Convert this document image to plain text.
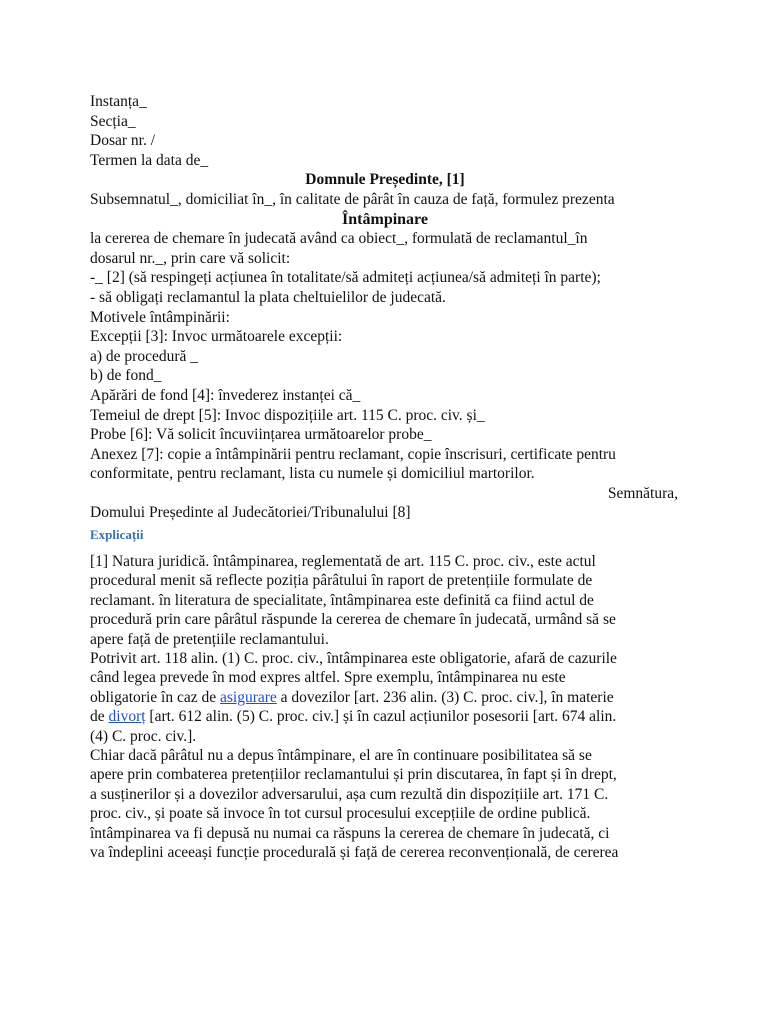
Instanța_

Secția_

Dosar nr. /

Termen la data de_

Domnule Președinte, [1]

Subsemnatul_, domiciliat în_, în calitate de pârât în cauza de față, formulez prezenta

Întâmpinare

la cererea de chemare în judecată având ca obiect_, formulată de reclamantul_în

dosarul nr._, prin care vă solicit:

-_ [2] (să respingeți acțiunea în totalitate/să admiteți acțiunea/să admiteți în parte);

- să obligați reclamantul la plata cheltuielilor de judecată.

Motivele întâmpinării:

Excepții [3]: Invoc următoarele excepții:

a) de procedură _

b) de fond_

Apărări de fond [4]: învederez instanței că_

Temeiul de drept [5]: Invoc dispozițiile art. 115 C. proc. civ. și_

Probe [6]: Vă solicit încuviințarea următoarelor probe_

Anexez [7]: copie a întâmpinării pentru reclamant, copie înscrisuri, certificate pentru

conformitate, pentru reclamant, lista cu numele și domiciliul martorilor.

Semnătura,

Domului Președinte al Judecătoriei/Tribunalului [8]

Explicații

[1] Natura juridică. întâmpinarea, reglementată de art. 115 C. proc. civ., este actul

procedural menit să reflecte poziția pârâtului în raport de pretențiile formulate de

reclamant. în literatura de specialitate, întâmpinarea este definită ca fiind actul de

procedură prin care pârâtul răspunde la cererea de chemare în judecată, urmând să se

apere față de pretențiile reclamantului.

Potrivit art. 118 alin. (1) C. proc. civ., întâmpinarea este obligatorie, afară de cazurile

când legea prevede în mod expres altfel. Spre exemplu, întâmpinarea nu este

obligatorie în caz de asigurare a dovezilor [art. 236 alin. (3) C. proc. civ.], în materie

de divorț [art. 612 alin. (5) C. proc. civ.] și în cazul acțiunilor posesorii [art. 674 alin.

(4) C. proc. civ.].

Chiar dacă pârâtul nu a depus întâmpinare, el are în continuare posibilitatea să se

apere prin combaterea pretențiilor reclamantului și prin discutarea, în fapt și în drept,

a susținerilor și a dovezilor adversarului, așa cum rezultă din dispozițiile art. 171 C.

proc. civ., și poate să invoce în tot cursul procesului excepțiile de ordine publică.

întâmpinarea va fi depusă nu numai ca răspuns la cererea de chemare în judecată, ci

va îndeplini aceeași funcție procedurală și față de cererea reconvențională, de cererea
